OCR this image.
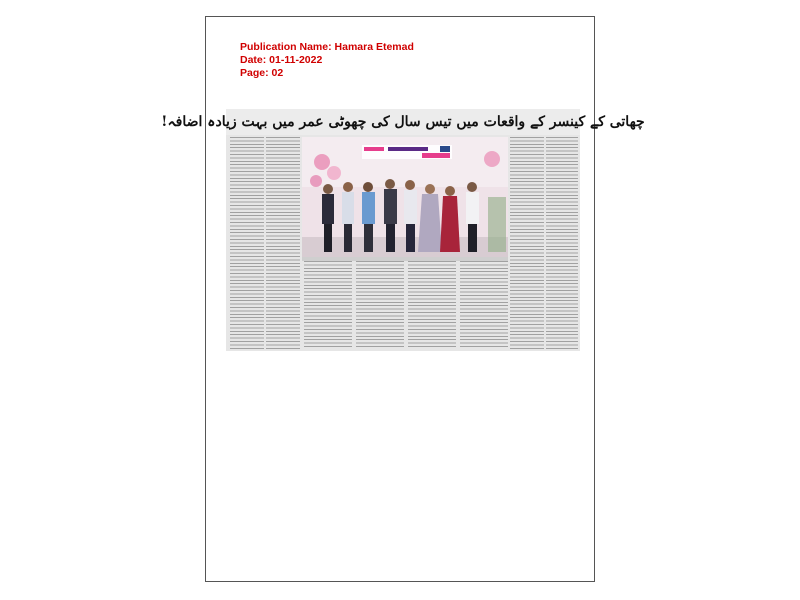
Publication Name: Hamara Etemad
Date: 01-11-2022
Page: 02
چھاتی کے کینسر کے واقعات میں تیس سال کی چھوٹی عمر میں بہت زیادہ اضافہ!
